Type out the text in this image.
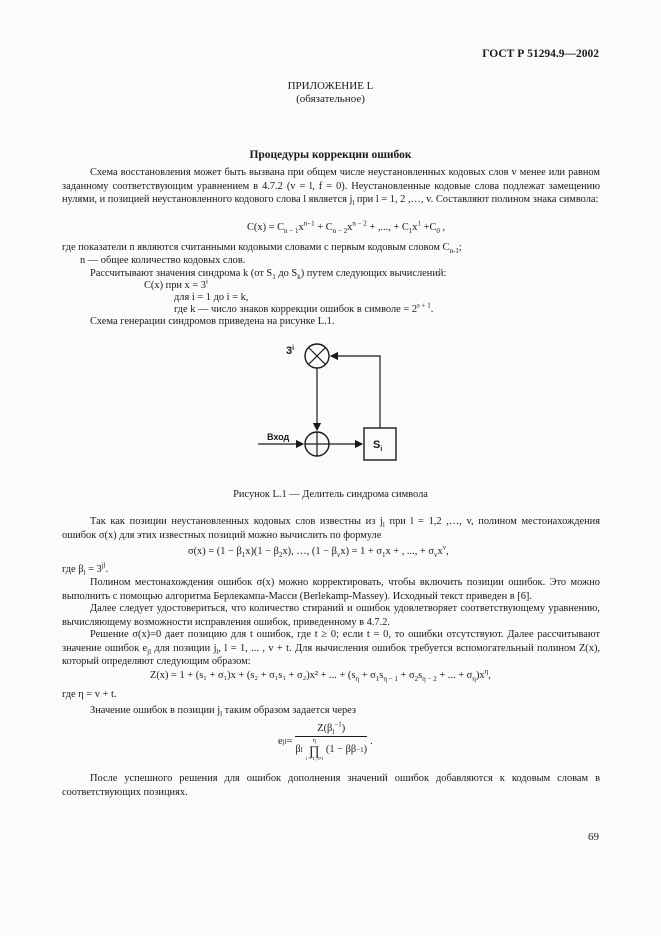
ГОСТ Р 51294.9—2002
ПРИЛОЖЕНИЕ L
(обязательное)
Процедуры коррекции ошибок
Схема восстановления может быть вызвана при общем числе неустановленных кодовых слов v менее или равном заданному соответствующим уравнением в 4.7.2 (v = l, f = 0). Неустановленные кодовые слова подлежат замещению нулями, и позицией неустановленного кодового слова l является $j_l$ при l = 1, 2 ,…, v. Составляют полином знака символа:
$C(x) = C_{n - 1}x^{n-1} + C_{n - 2}x^{n - 2}$ + ,..., + $C_1x^1 +C_0$ ,
где показатели n являются считанными кодовыми словами с первым кодовым словом $C_{n-1}$;
n — общее количество кодовых слов.
Рассчитывают значения синдрома k (от $S_1$ до $S_k$) путем следующих вычислений:
C(x) при $x = 3^i$
для i = 1 до i = k,
где k — число знаков коррекции ошибок в символе = $2^{s + 1}$.
Схема генерации синдромов приведена на рисунке L.1.
3$^i$
Вход
$S_i$
Рисунок L.1 — Делитель синдрома символа
Так как позиции неустановленных кодовых слов известны из $j_l$ при l = 1,2 ,…, v, полином местонахождения ошибок σ(x) для этих известных позиций можно вычислить по формуле
$\sigma(x) = (1 - \beta_1x)(1 - \beta_2x)$, …, $(1 - \beta_vx) = 1 + \sigma_1x$ + , ..., + $\sigma_vx^v$,
где $\beta_l = 3^{jl}$.
Полином местонахождения ошибок σ(x) можно корректировать, чтобы включить позиции ошибок. Это можно выполнить с помощью алгоритма Берлекампа-Масси (Berlekamp-Massey). Исходный текст приведен в [6].
Далее следует удостовериться, что количество стираний и ошибок удовлетворяет соответствующему уравнению, вычисляющему возможности исправления ошибок, приведенному в 4.7.2.
Решение σ(x)=0 дает позицию для t ошибок, где t ≥ 0; если t = 0, то ошибки отсутствуют. Далее рассчитывают значение ошибок $e_{jl}$ для позиции $j_l$, l = 1, ... , v + t. Для вычисления ошибок требуется вспомогательный полином Z(x), который определяют следующим образом:
Z(x) = 1 + (s₁ + σ₁)x + (s₂ + σ₁s₁ + σ₂)x² + ... + ($s_\eta + \sigma_1s_{\eta - 1} + \sigma_2s_{\eta - 2}$ + ... + $\sigma_\eta)x^\eta$,
где η = v + t.
Значение ошибок в позиции $j_l$ таким образом задается через
e jl =
$Z(\beta_l^{-1})$
β l
η
∏
i = 1, i≠l
(1 − β β −1 )
.
После успешного решения для ошибок дополнения значений ошибок добавляются к кодовым словам в соответствующих позициях.
69
